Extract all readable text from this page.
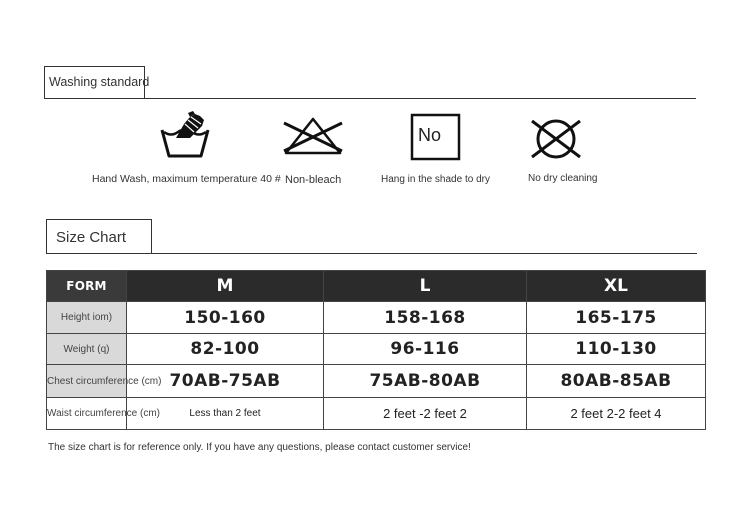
Washing standard
Hand Wash, maximum temperature 40 # Non-bleach
No
Hang in the shade to dry	No dry cleaning
Size Chart
FORM	M	L	XL
Height iom)	150-160	158-168	165-175
Weight (q)	82-100	96-116	110-130
Chest circumference (cm)	70AB-75AB	75AB-80AB	80AB-85AB
Waist circumference (cm)	Less than 2 feet	2 feet -2 feet 2	2 feet 2-2 feet 4
The size chart is for reference only. If you have any questions, please contact customer service!
